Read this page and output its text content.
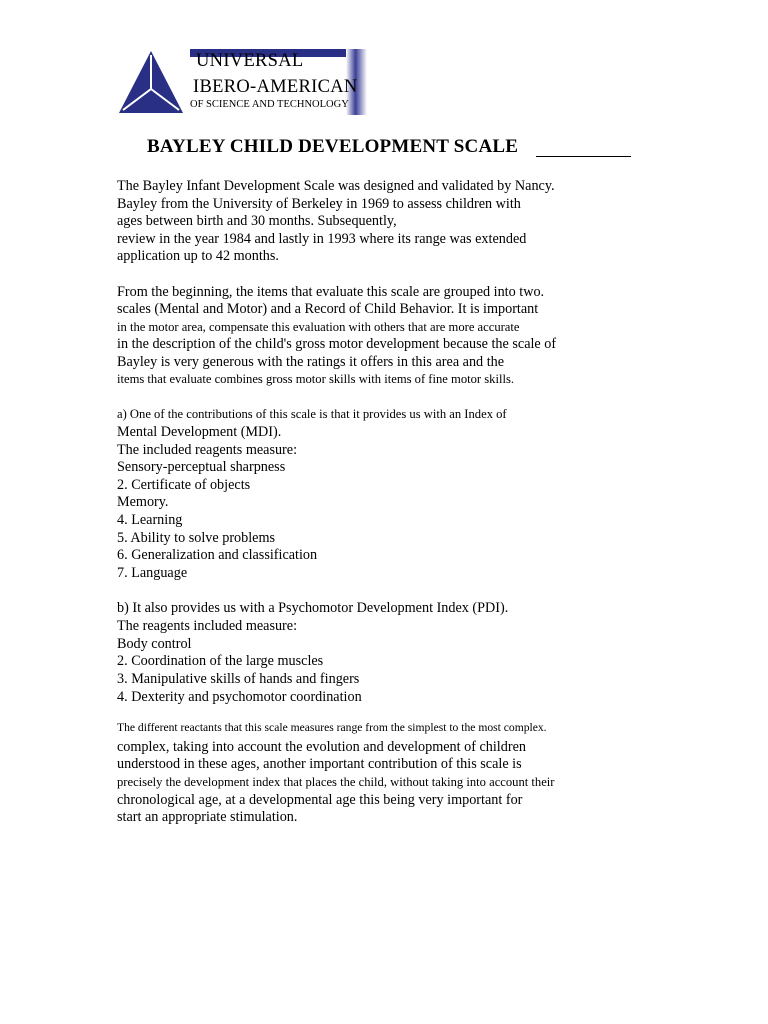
UNIVERSAL
IBERO-AMERICAN
OF SCIENCE AND TECHNOLOGY
BAYLEY CHILD DEVELOPMENT SCALE
The Bayley Infant Development Scale was designed and validated by Nancy.
Bayley from the University of Berkeley in 1969 to assess children with
ages between birth and 30 months. Subsequently,
review in the year 1984 and lastly in 1993 where its range was extended
application up to 42 months.
From the beginning, the items that evaluate this scale are grouped into two.
scales (Mental and Motor) and a Record of Child Behavior. It is important
in the motor area, compensate this evaluation with others that are more accurate
in the description of the child's gross motor development because the scale of
Bayley is very generous with the ratings it offers in this area and the
items that evaluate combines gross motor skills with items of fine motor skills.
a) One of the contributions of this scale is that it provides us with an Index of
Mental Development (MDI).
The included reagents measure:
Sensory-perceptual sharpness
2. Certificate of objects
Memory.
4. Learning
5. Ability to solve problems
6. Generalization and classification
7. Language
b) It also provides us with a Psychomotor Development Index (PDI).
The reagents included measure:
Body control
2. Coordination of the large muscles
3. Manipulative skills of hands and fingers
4. Dexterity and psychomotor coordination
The different reactants that this scale measures range from the simplest to the most complex.
complex, taking into account the evolution and development of children
understood in these ages, another important contribution of this scale is
precisely the development index that places the child, without taking into account their
chronological age, at a developmental age this being very important for
start an appropriate stimulation.
